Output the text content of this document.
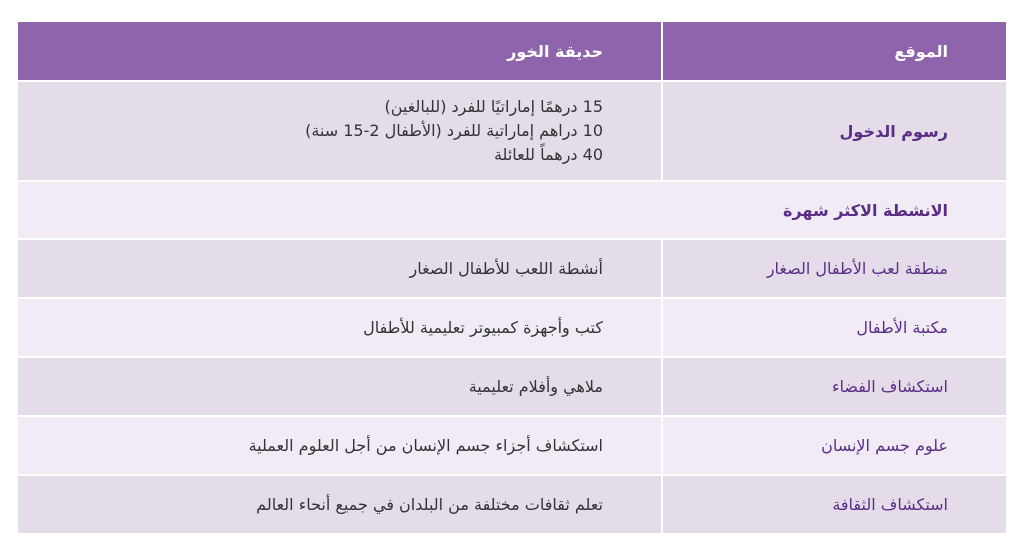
الموقع
حديقة الخور
رسوم الدخول
15 درهمًا إماراتيًا للفرد (للبالغين)
10 دراهم إماراتية للفرد (الأطفال 2-15 سنة)
40 درهماً للعائلة
الانشطة الاكثر شهرة
منطقة لعب الأطفال الصغار
أنشطة اللعب للأطفال الصغار
مكتبة الأطفال
كتب وأجهزة كمبيوتر تعليمية للأطفال
استكشاف الفضاء
ملاهي وأفلام تعليمية
علوم جسم الإنسان
استكشاف أجزاء جسم الإنسان من أجل العلوم العملية
استكشاف الثقافة
تعلم ثقافات مختلفة من البلدان في جميع أنحاء العالم
